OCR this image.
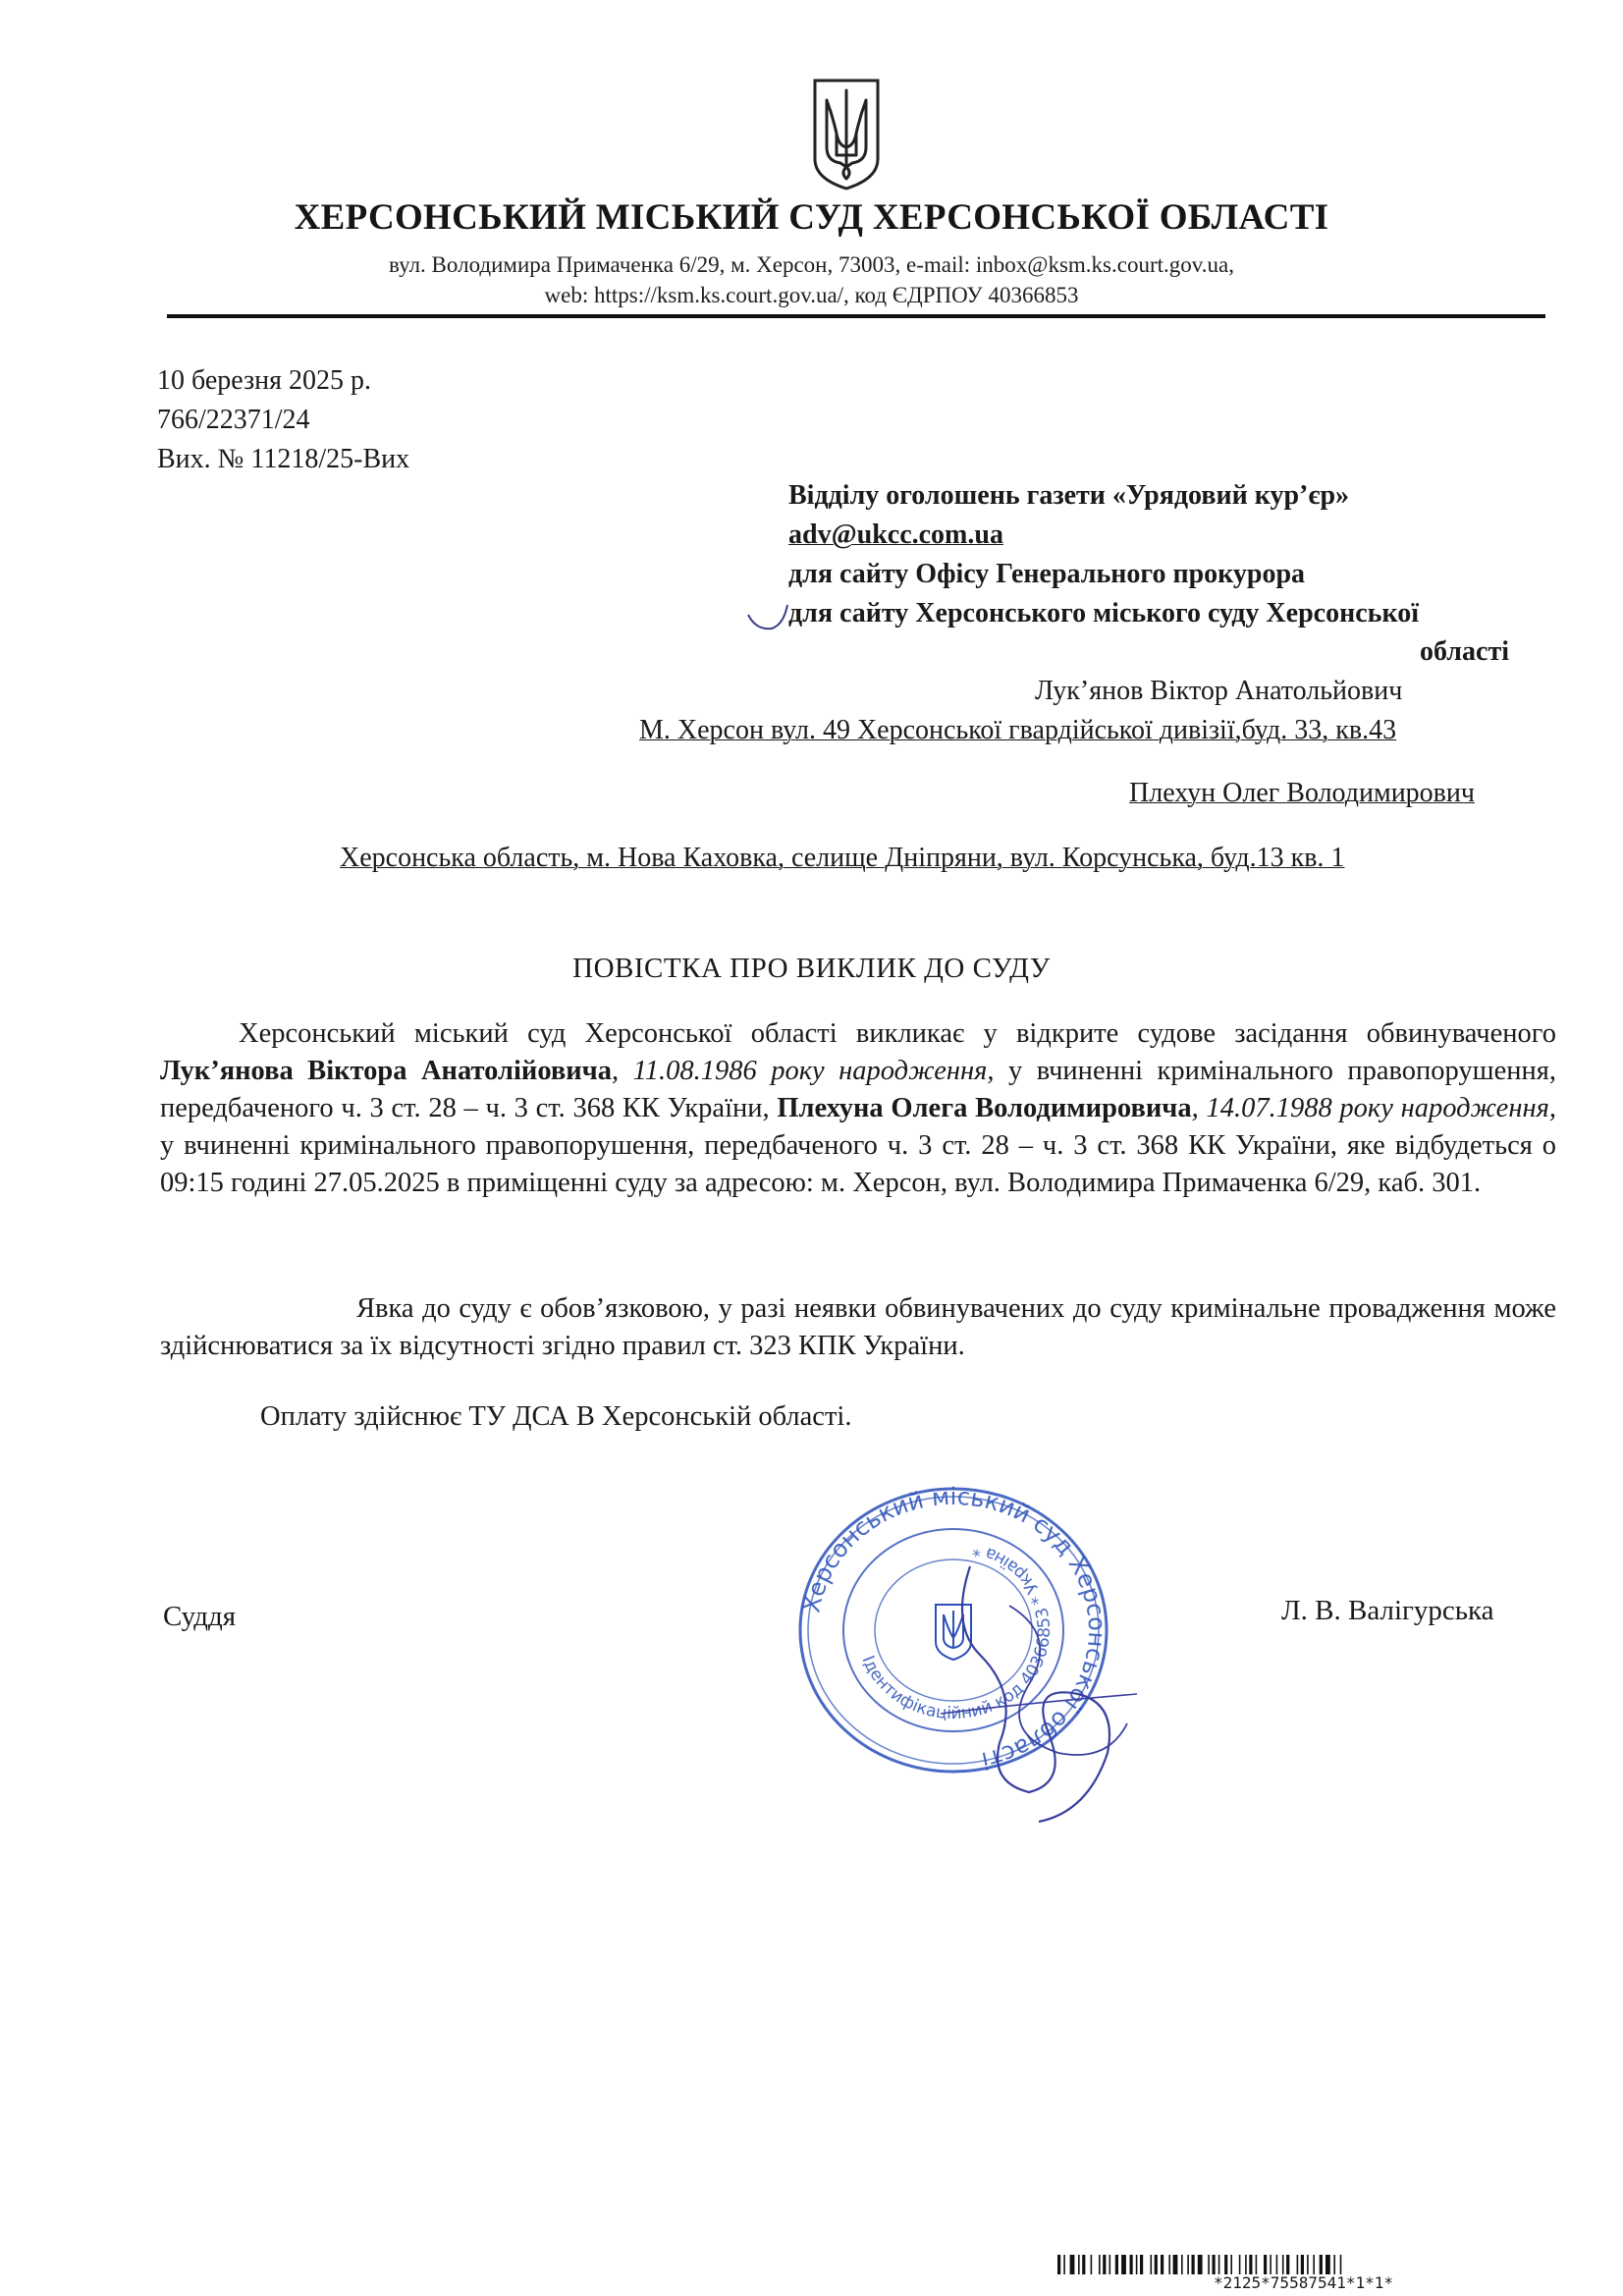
ХЕРСОНСЬКИЙ МІСЬКИЙ СУД ХЕРСОНСЬКОЇ ОБЛАСТІ
вул. Володимира Примаченка 6/29, м. Херсон, 73003, e-mail: inbox@ksm.ks.court.gov.ua,
web: https://ksm.ks.court.gov.ua/, код ЄДРПОУ 40366853
10 березня 2025 р.
766/22371/24
Вих. № 11218/25-Вих
Відділу оголошень газети «Урядовий кур’єр»
adv@ukcc.com.ua
для сайту Офісу Генерального прокурора
для сайту Херсонського міського суду Херсонської
області
Лук’янов Віктор Анатольйович
М. Херсон вул. 49 Херсонської гвардійської дивізії,буд. 33, кв.43
Плехун Олег Володимирович
Херсонська область, м. Нова Каховка, селище Дніпряни, вул. Корсунська, буд.13 кв. 1
ПОВІСТКА ПРО ВИКЛИК ДО СУДУ

Херсонський міський суд Херсонської області викликає у відкрите судове засідання обвинуваченого Лук’янова Віктора Анатолійовича, 11.08.1986 року народження, у вчиненні кримінального правопорушення, передбаченого ч. 3 ст. 28 – ч. 3 ст. 368 КК України, Плехуна Олега Володимировича, 14.07.1988 року народження, у вчиненні кримінального правопорушення, передбаченого ч. 3 ст. 28 – ч. 3 ст. 368 КК України, яке відбудеться о 09:15 годині 27.05.2025 в приміщенні суду за адресою: м. Херсон, вул. Володимира Примаченка 6/29, каб. 301.

Явка до суду є обов’язковою, у разі неявки обвинувачених до суду кримінальне провадження може здійснюватися за їх відсутності згідно правил ст. 323 КПК України.

Оплату здійснює ТУ ДСА В Херсонській області.

Херсонський міський суд Херсонської області
Ідентифікаційний код 40366853 * Україна *
Суддя	Л. В. Валігурська
*2125*75587541*1*1*
